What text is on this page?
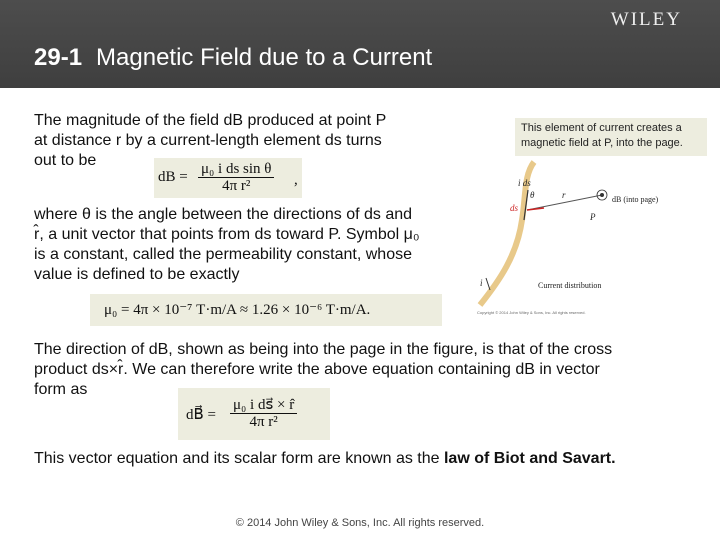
WILEY
29-1 Magnetic Field due to a Current
The magnitude of the field dB produced at point P
at distance r by a current-length element ds turns
out to be
dB = $\frac{\text{μ₀ i ds sin θ}}{\text{4π r²}}$ ,
where θ is the angle between the directions of ds and
r̂, a unit vector that points from ds toward P. Symbol μ₀
is a constant, called the permeability constant, whose
value is defined to be exactly
μ₀ = 4π × 10⁻⁷ T·m/A ≈ 1.26 × 10⁻⁶ T·m/A.
The direction of dB, shown as being into the page in the figure, is that of the cross
product ds×r̂. We can therefore write the above equation containing dB in vector
form as
dB⃗ = $\frac{\text{μ₀ i ds⃗ × r̂}}{\text{4π r²}}$
This vector equation and its scalar form are known as the law of Biot and Savart.
This element of current creates a magnetic field at P, into the page.
i ds
θ
ds
r
P
dB (into page)
i	Current distribution
Copyright © 2014 John Wiley & Sons, Inc. All rights reserved.
© 2014 John Wiley & Sons, Inc. All rights reserved.
